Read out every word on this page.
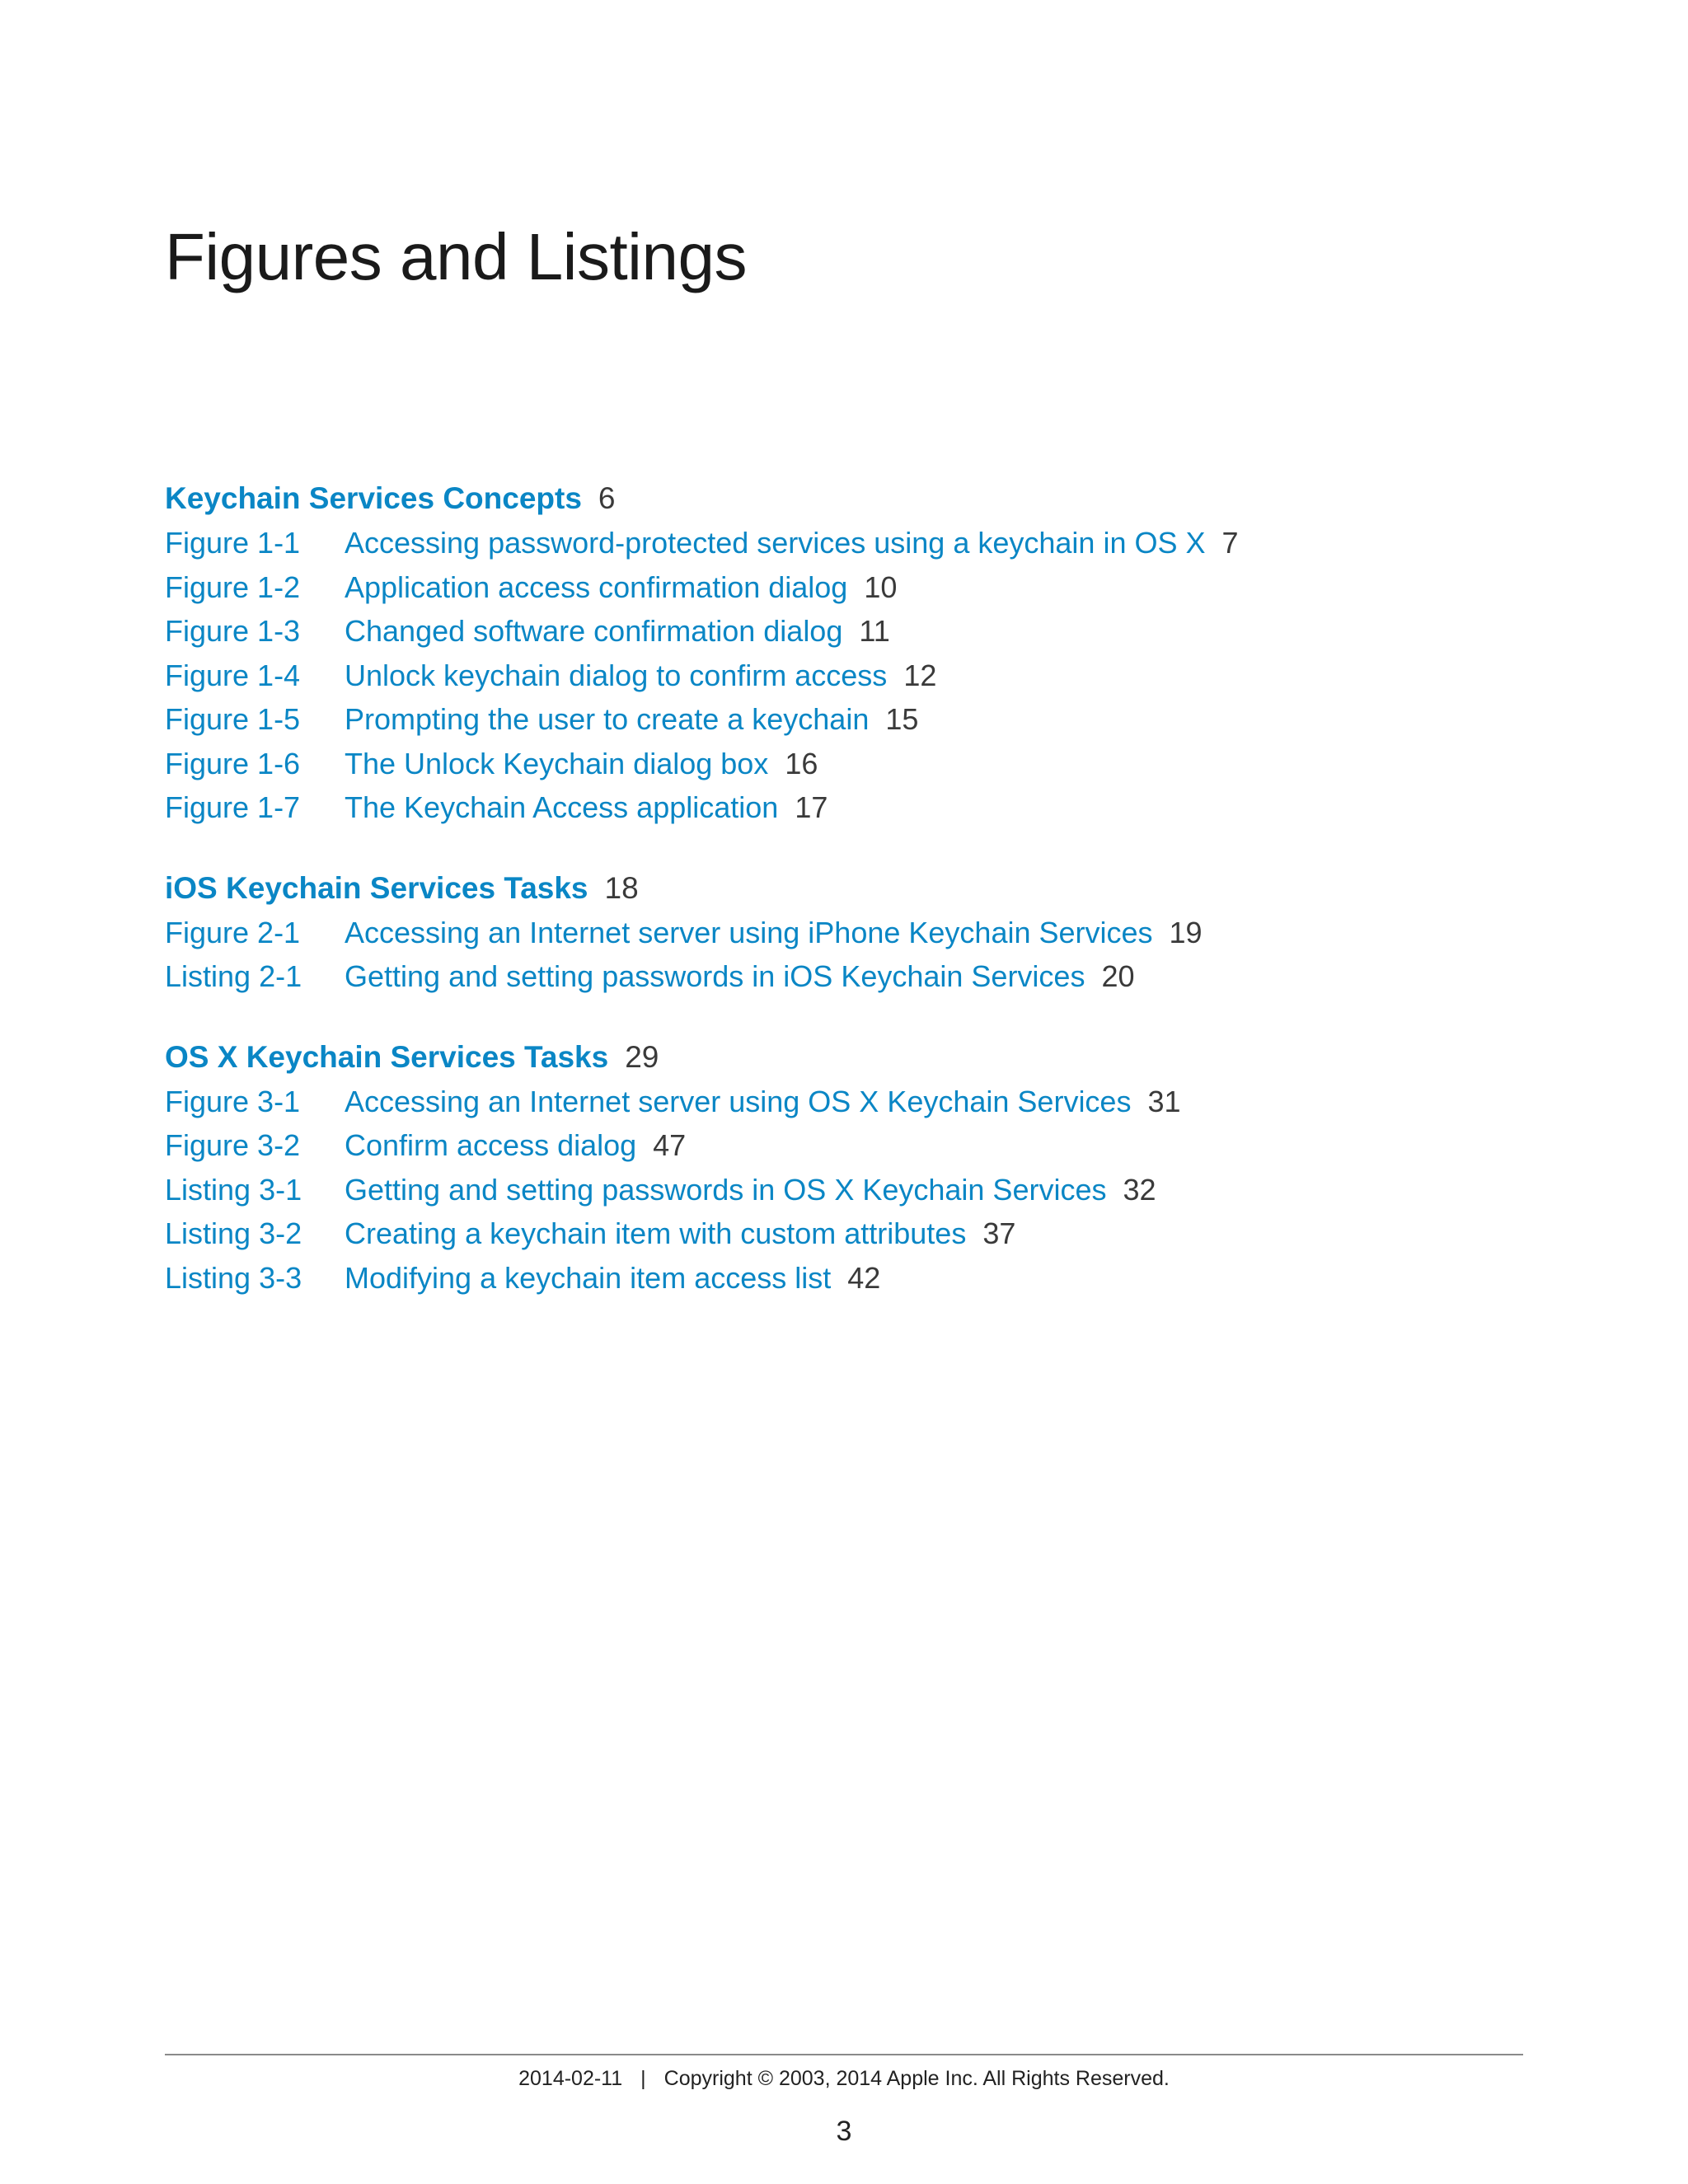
Figures and Listings
Keychain Services Concepts 6
Figure 1-1 Accessing password-protected services using a keychain in OS X 7
Figure 1-2 Application access confirmation dialog 10
Figure 1-3 Changed software confirmation dialog 11
Figure 1-4 Unlock keychain dialog to confirm access 12
Figure 1-5 Prompting the user to create a keychain 15
Figure 1-6 The Unlock Keychain dialog box 16
Figure 1-7 The Keychain Access application 17
iOS Keychain Services Tasks 18
Figure 2-1 Accessing an Internet server using iPhone Keychain Services 19
Listing 2-1 Getting and setting passwords in iOS Keychain Services 20
OS X Keychain Services Tasks 29
Figure 3-1 Accessing an Internet server using OS X Keychain Services 31
Figure 3-2 Confirm access dialog 47
Listing 3-1 Getting and setting passwords in OS X Keychain Services 32
Listing 3-2 Creating a keychain item with custom attributes 37
Listing 3-3 Modifying a keychain item access list 42
2014-02-11 | Copyright © 2003, 2014 Apple Inc. All Rights Reserved.
3
